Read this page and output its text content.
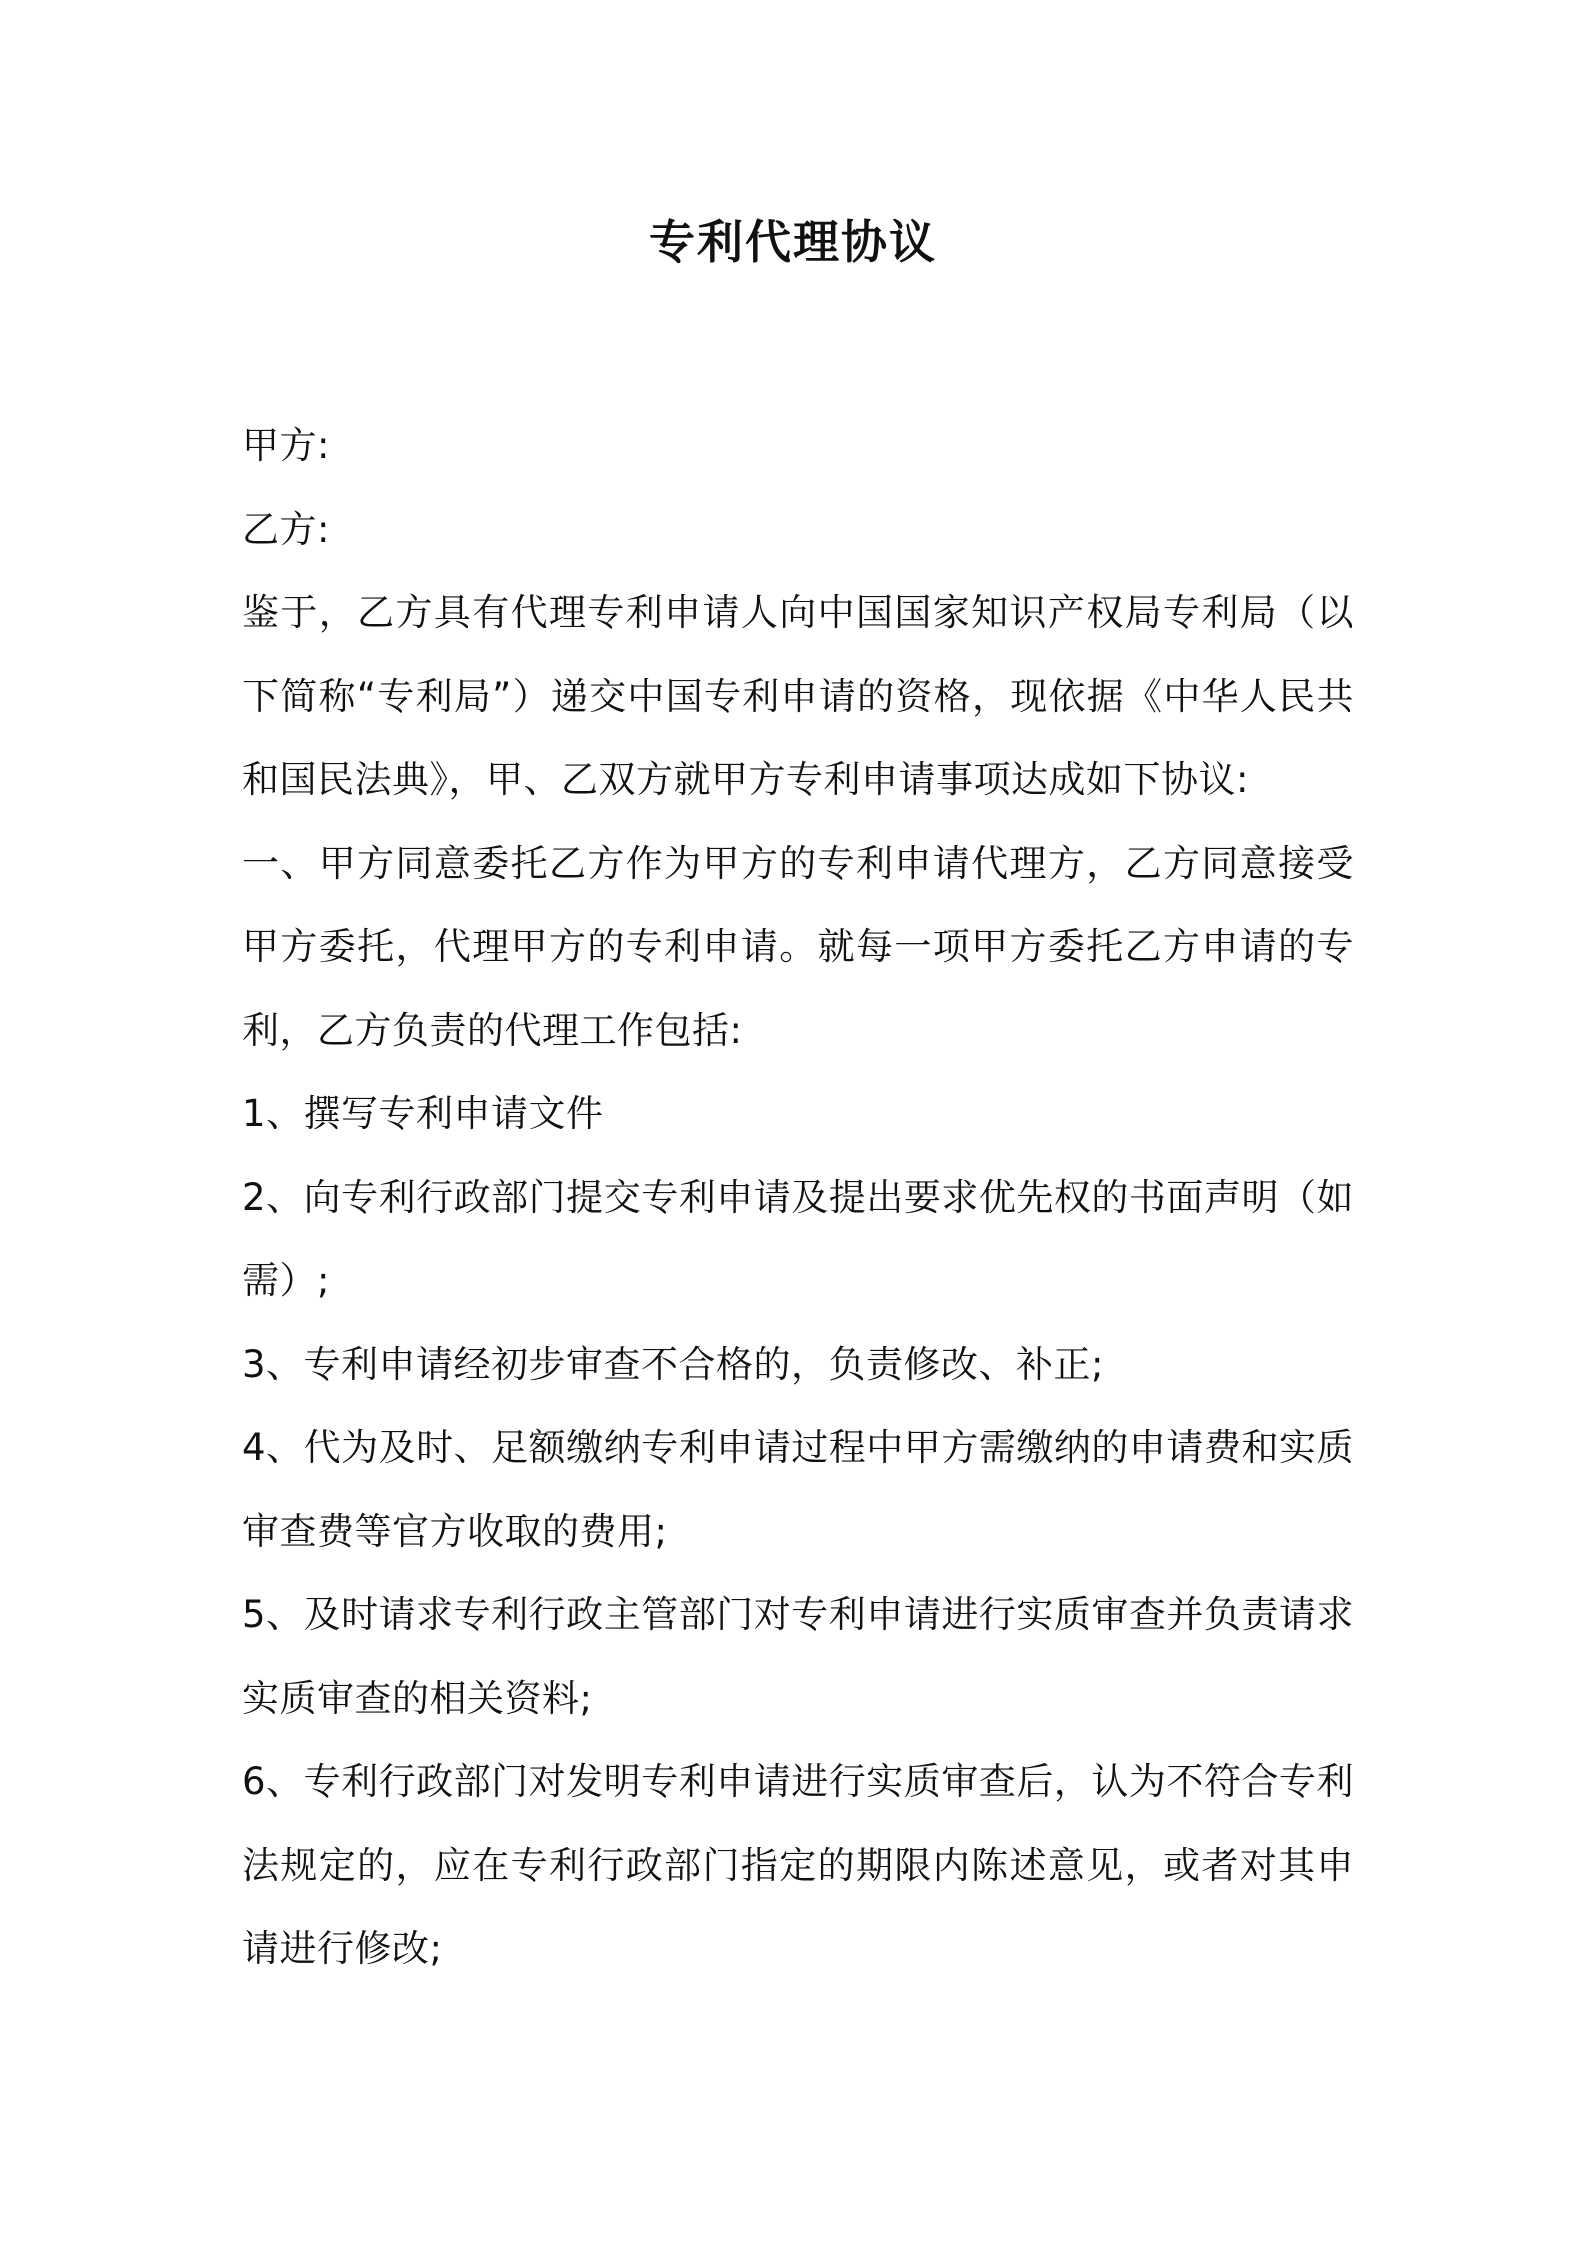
专利代理协议

甲方:

乙方:

鉴于，乙方具有代理专利申请人向中国国家知识产权局专利局（以下简称“专利局”）递交中国专利申请的资格，现依据《中华人民共和国民法典》，甲、乙双方就甲方专利申请事项达成如下协议:

一、甲方同意委托乙方作为甲方的专利申请代理方，乙方同意接受甲方委托，代理甲方的专利申请。就每一项甲方委托乙方申请的专利，乙方负责的代理工作包括:

1、撰写专利申请文件

2、向专利行政部门提交专利申请及提出要求优先权的书面声明（如需）;

3、专利申请经初步审查不合格的，负责修改、补正;

4、代为及时、足额缴纳专利申请过程中甲方需缴纳的申请费和实质审查费等官方收取的费用;

5、及时请求专利行政主管部门对专利申请进行实质审查并负责请求实质审查的相关资料;

6、专利行政部门对发明专利申请进行实质审查后，认为不符合专利法规定的，应在专利行政部门指定的期限内陈述意见，或者对其申请进行修改;
